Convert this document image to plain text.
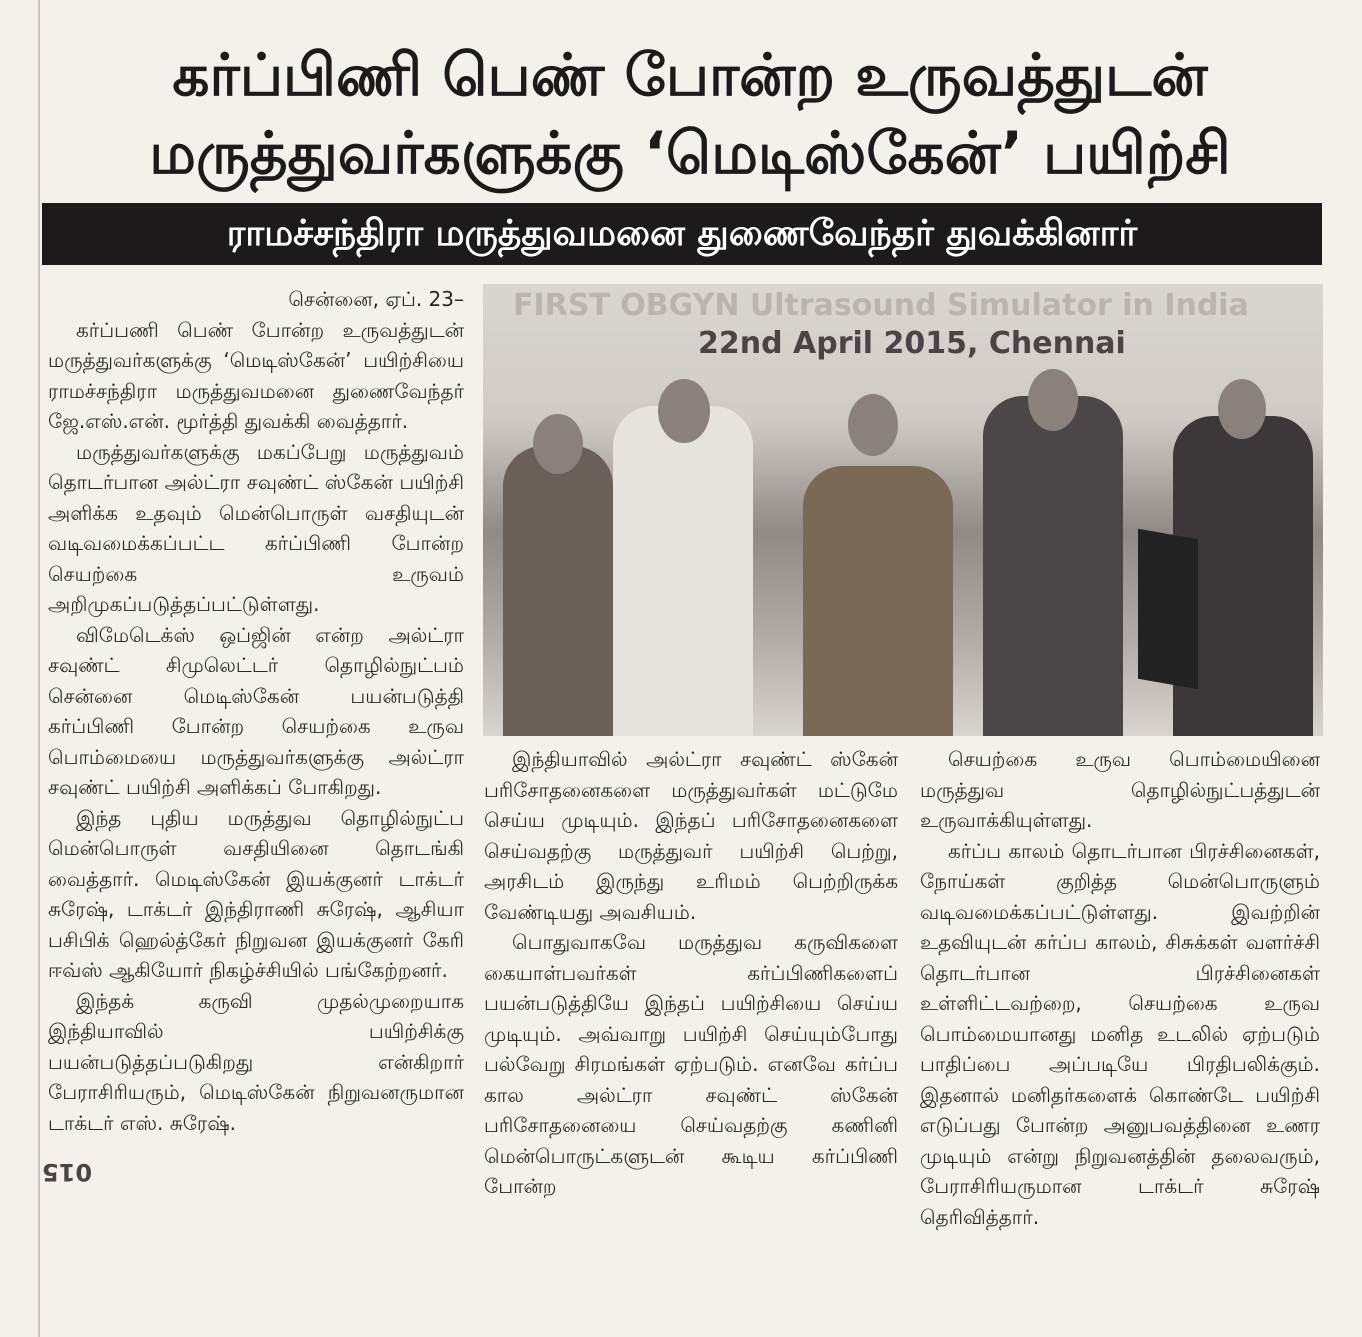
கர்ப்பிணி பெண் போன்ற உருவத்துடன்
மருத்துவர்களுக்கு ‘மெடிஸ்கேன்’ பயிற்சி
ராமச்சந்திரா மருத்துவமனை துணைவேந்தர் துவக்கினார்

சென்னை, ஏப். 23–

கர்ப்பணி பெண் போன்ற உருவத்துடன் மருத்துவர்களுக்கு ‘மெடிஸ்கேன்’ பயிற்சியை ராமச்சந்திரா மருத்துவமனை துணைவேந்தர் ஜே.எஸ்.என். மூர்த்தி துவக்கி வைத்தார்.

மருத்துவர்களுக்கு மகப்பேறு மருத்துவம் தொடர்பான அல்ட்ரா சவுண்ட் ஸ்கேன் பயிற்சி அளிக்க உதவும் மென்பொருள் வசதியுடன் வடிவமைக்கப்பட்ட கர்ப்பிணி போன்ற செயற்கை உருவம் அறிமுகப்படுத்தப்பட்டுள்ளது.

விமேடெக்ஸ் ஒப்ஜின் என்ற அல்ட்ரா சவுண்ட் சிமுலெட்டர் தொழில்நுட்பம் சென்னை மெடிஸ்கேன் பயன்படுத்தி கர்ப்பிணி போன்ற செயற்கை உருவ பொம்மையை மருத்துவர்களுக்கு அல்ட்ரா சவுண்ட் பயிற்சி அளிக்கப் போகிறது.

இந்த புதிய மருத்துவ தொழில்நுட்ப மென்பொருள் வசதியினை தொடங்கி வைத்தார். மெடிஸ்கேன் இயக்குனர் டாக்டர் சுரேஷ், டாக்டர் இந்திராணி சுரேஷ், ஆசியா பசிபிக் ஹெல்த்கேர் நிறுவன இயக்குனர் கேரி ஈவ்ஸ் ஆகியோர் நிகழ்ச்சியில் பங்கேற்றனர்.

இந்தக் கருவி முதல்முறையாக இந்தியாவில் பயிற்சிக்கு பயன்படுத்தப்படுகிறது என்கிறார் பேராசிரியரும், மெடிஸ்கேன் நிறுவனருமான டாக்டர் எஸ். சுரேஷ்.

FIRST OBGYN Ultrasound Simulator in India
22nd April 2015, Chennai

இந்தியாவில் அல்ட்ரா சவுண்ட் ஸ்கேன் பரிசோதனைகளை மருத்துவர்கள் மட்டுமே செய்ய முடியும். இந்தப் பரிசோதனைகளை செய்வதற்கு மருத்துவர் பயிற்சி பெற்று, அரசிடம் இருந்து உரிமம் பெற்றிருக்க வேண்டியது அவசியம்.

பொதுவாகவே மருத்துவ கருவிகளை கையாள்பவர்கள் கர்ப்பிணிகளைப் பயன்படுத்தியே இந்தப் பயிற்சியை செய்ய முடியும். அவ்வாறு பயிற்சி செய்யும்போது பல்வேறு சிரமங்கள் ஏற்படும். எனவே கர்ப்ப கால அல்ட்ரா சவுண்ட் ஸ்கேன் பரிசோதனையை செய்வதற்கு கணினி மென்பொருட்களுடன் கூடிய கர்ப்பிணி போன்ற

செயற்கை உருவ பொம்மையினை மருத்துவ தொழில்நுட்பத்துடன் உருவாக்கியுள்ளது.

கர்ப்ப காலம் தொடர்பான பிரச்சினைகள், நோய்கள் குறித்த மென்பொருளும் வடிவமைக்கப்பட்டுள்ளது. இவற்றின் உதவியுடன் கர்ப்ப காலம், சிசுக்கள் வளர்ச்சி தொடர்பான பிரச்சினைகள் உள்ளிட்டவற்றை, செயற்கை உருவ பொம்மையானது மனித உடலில் ஏற்படும் பாதிப்பை அப்படியே பிரதிபலிக்கும். இதனால் மனிதர்களைக் கொண்டே பயிற்சி எடுப்பது போன்ற அனுபவத்தினை உணர முடியும் என்று நிறுவனத்தின் தலைவரும், பேராசிரியருமான டாக்டர் சுரேஷ் தெரிவித்தார்.

015
